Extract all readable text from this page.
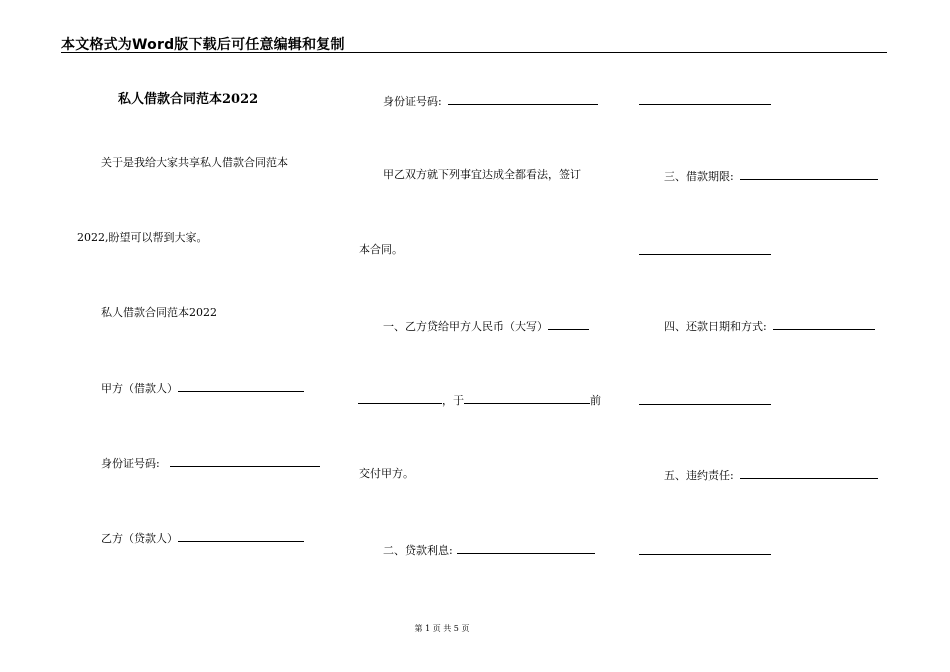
本文格式为Word版下载后可任意编辑和复制
私人借款合同范本2022
关于是我给大家共享私人借款合同范本
2022,盼望可以帮到大家。
私人借款合同范本2022
甲方（借款人）
身份证号码:
乙方（贷款人）
身份证号码:
甲乙双方就下列事宜达成全都看法，签订
本合同。
一、乙方贷给甲方人民币（大写）
，于	前
交付甲方。
二、贷款利息:
三、借款期限:
四、还款日期和方式:
五、违约责任:
第 1 页 共 5 页
